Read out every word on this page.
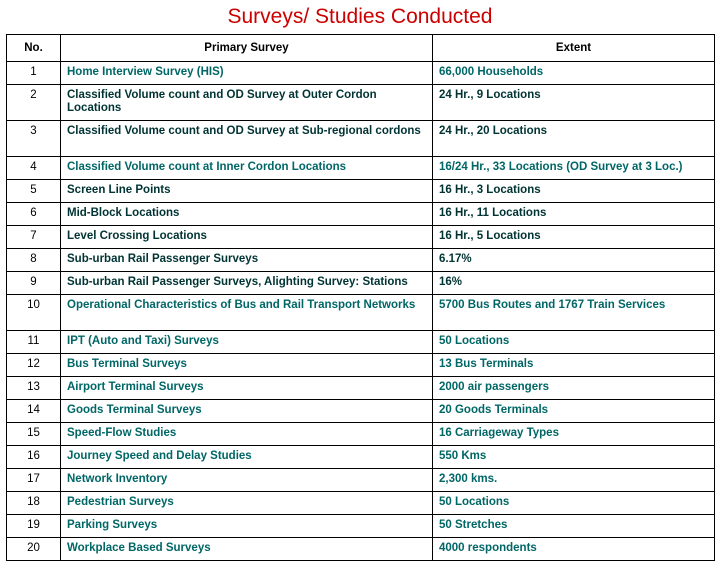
Surveys/ Studies Conducted
No.	Primary Survey	Extent
1	Home Interview Survey (HIS)	66,000 Households
2	Classified Volume count and OD Survey at Outer Cordon Locations	24 Hr., 9 Locations
3	Classified Volume count and OD Survey at Sub-regional cordons	24 Hr., 20 Locations
4	Classified Volume count at Inner Cordon Locations	16/24 Hr., 33 Locations (OD Survey at 3 Loc.)
5	Screen Line Points	16 Hr., 3 Locations
6	Mid-Block Locations	16 Hr., 11 Locations
7	Level Crossing Locations	16 Hr., 5 Locations
8	Sub-urban Rail Passenger Surveys	6.17%
9	Sub-urban Rail Passenger Surveys, Alighting Survey: Stations	16%
10	Operational Characteristics of Bus and Rail Transport Networks	5700 Bus Routes and 1767 Train Services
11	IPT (Auto and Taxi) Surveys	50 Locations
12	Bus Terminal Surveys	13 Bus Terminals
13	Airport Terminal Surveys	2000 air passengers
14	Goods Terminal Surveys	20 Goods Terminals
15	Speed-Flow Studies	16 Carriageway Types
16	Journey Speed and Delay Studies	550 Kms
17	Network Inventory	2,300 kms.
18	Pedestrian Surveys	50 Locations
19	Parking Surveys	50 Stretches
20	Workplace Based Surveys	4000 respondents
